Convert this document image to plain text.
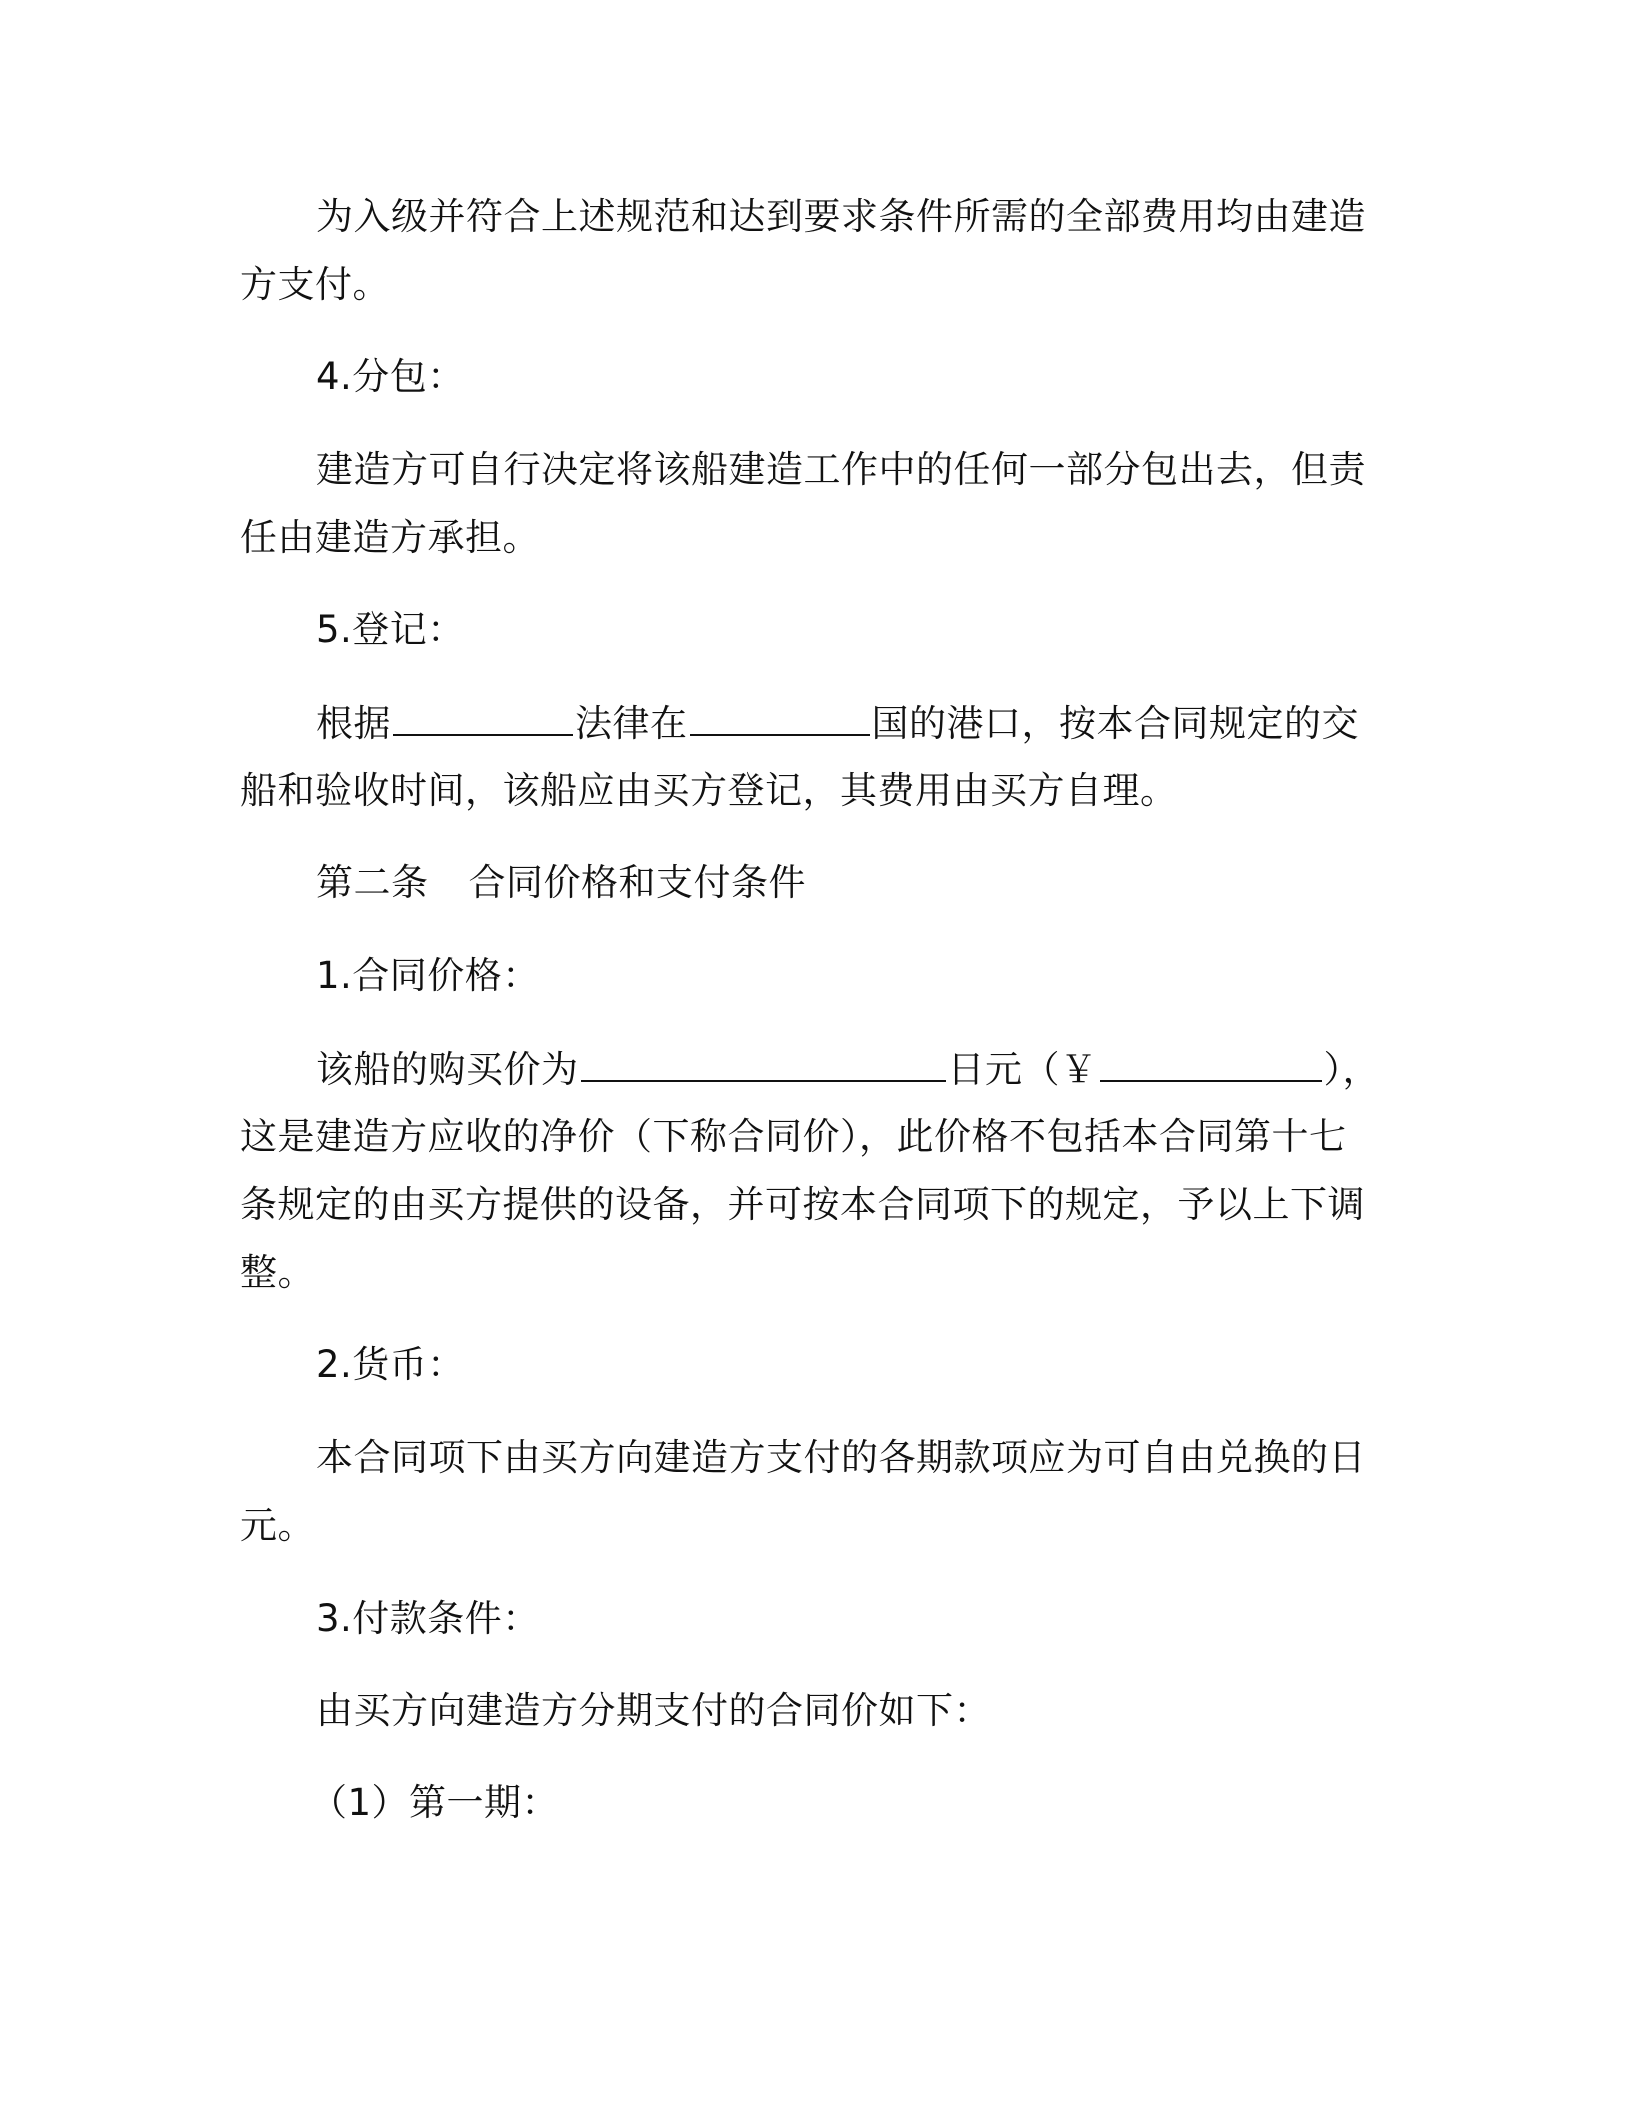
为入级并符合上述规范和达到要求条件所需的全部费用均由建造
方支付。
4.分包：
建造方可自行决定将该船建造工作中的任何一部分包出去，但责
任由建造方承担。
5.登记：
根据	法律在	国的港口，按本合同规定的交
船和验收时间，该船应由买方登记，其费用由买方自理。
第二条 合同价格和支付条件
1.合同价格：
该船的购买价为	日元（￥	），
这是建造方应收的净价（下称合同价），此价格不包括本合同第十七
条规定的由买方提供的设备，并可按本合同项下的规定，予以上下调
整。
2.货币：
本合同项下由买方向建造方支付的各期款项应为可自由兑换的日
元。
3.付款条件：
由买方向建造方分期支付的合同价如下：
（1）第一期：
